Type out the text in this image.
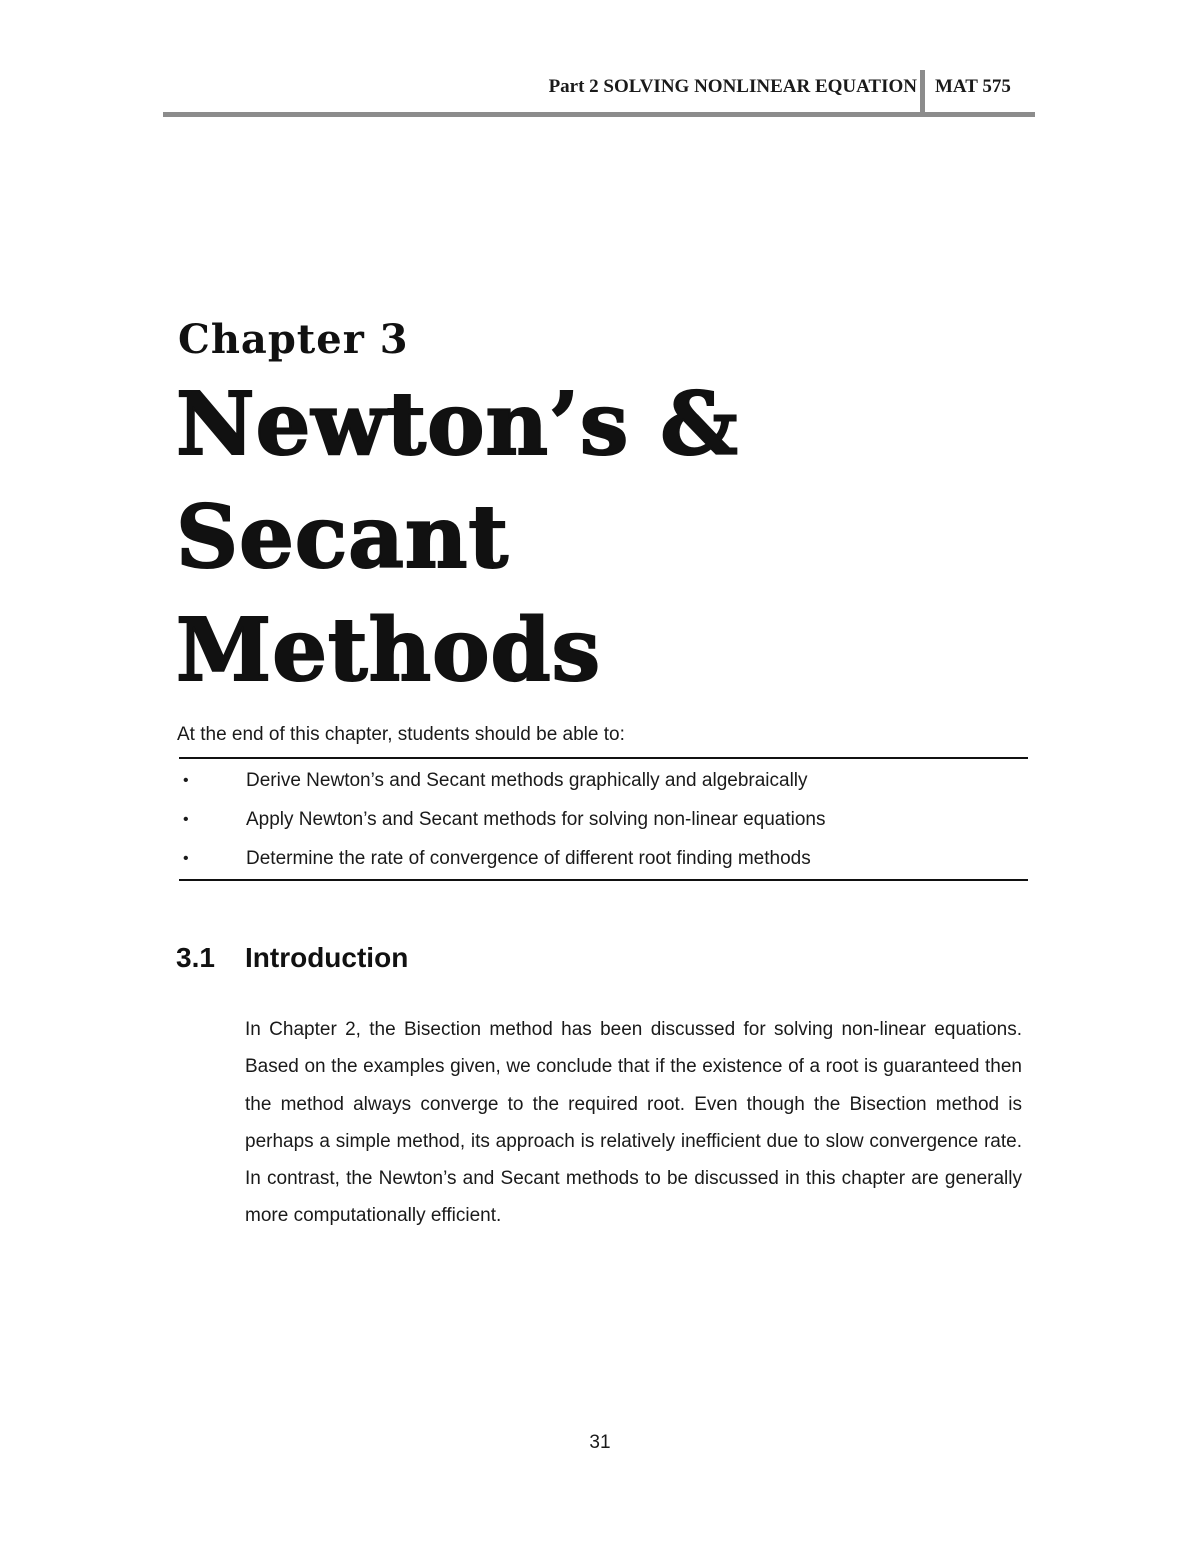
Part 2 SOLVING NONLINEAR EQUATION MAT 575
Chapter 3
Newton’s &
Secant
Methods
At the end of this chapter, students should be able to:
•	Derive Newton’s and Secant methods graphically and algebraically
•	Apply Newton’s and Secant methods for solving non-linear equations
•	Determine the rate of convergence of different root finding methods
3.1 Introduction

In Chapter 2, the Bisection method has been discussed for solving non-linear equations. Based on the examples given, we conclude that if the existence of a root is guaranteed then the method always converge to the required root. Even though the Bisection method is perhaps a simple method, its approach is relatively inefficient due to slow convergence rate. In contrast, the Newton’s and Secant methods to be discussed in this chapter are generally more computationally efficient.

31
